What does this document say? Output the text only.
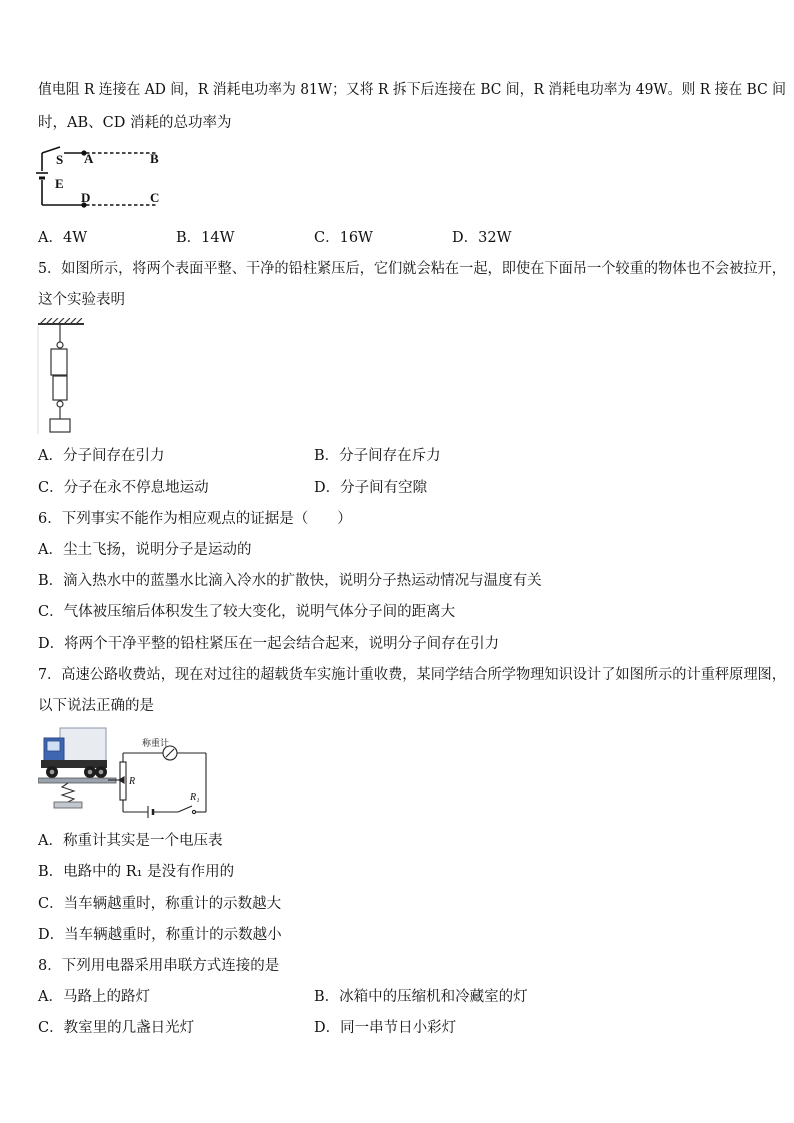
值电阻 R 连接在 AD 间，R 消耗电功率为 81W；又将 R 拆下后连接在 BC 间，R 消耗电功率为 49W。则 R 接在 BC 间
时，AB、CD 消耗的总功率为
S A	B
E
D	C
A．4W	B．14W	C．16W	D．32W
5．如图所示，将两个表面平整、干净的铅柱紧压后，它们就会粘在一起，即使在下面吊一个较重的物体也不会被拉开，
这个实验表明
A．分子间存在引力	B．分子间存在斥力
C．分子在永不停息地运动	D．分子间有空隙
6．下列事实不能作为相应观点的证据是（　　）
A．尘土飞扬，说明分子是运动的
B．滴入热水中的蓝墨水比滴入冷水的扩散快，说明分子热运动情况与温度有关
C．气体被压缩后体积发生了较大变化，说明气体分子间的距离大
D．将两个干净平整的铅柱紧压在一起会结合起来，说明分子间存在引力
7．高速公路收费站，现在对过往的超载货车实施计重收费，某同学结合所学物理知识设计了如图所示的计重秤原理图，
以下说法正确的是
称重计
R
R₁
A．称重计其实是一个电压表
B．电路中的 R₁ 是没有作用的
C．当车辆越重时，称重计的示数越大
D．当车辆越重时，称重计的示数越小
8．下列用电器采用串联方式连接的是
A．马路上的路灯	B．冰箱中的压缩机和冷藏室的灯
C．教室里的几盏日光灯	D．同一串节日小彩灯
